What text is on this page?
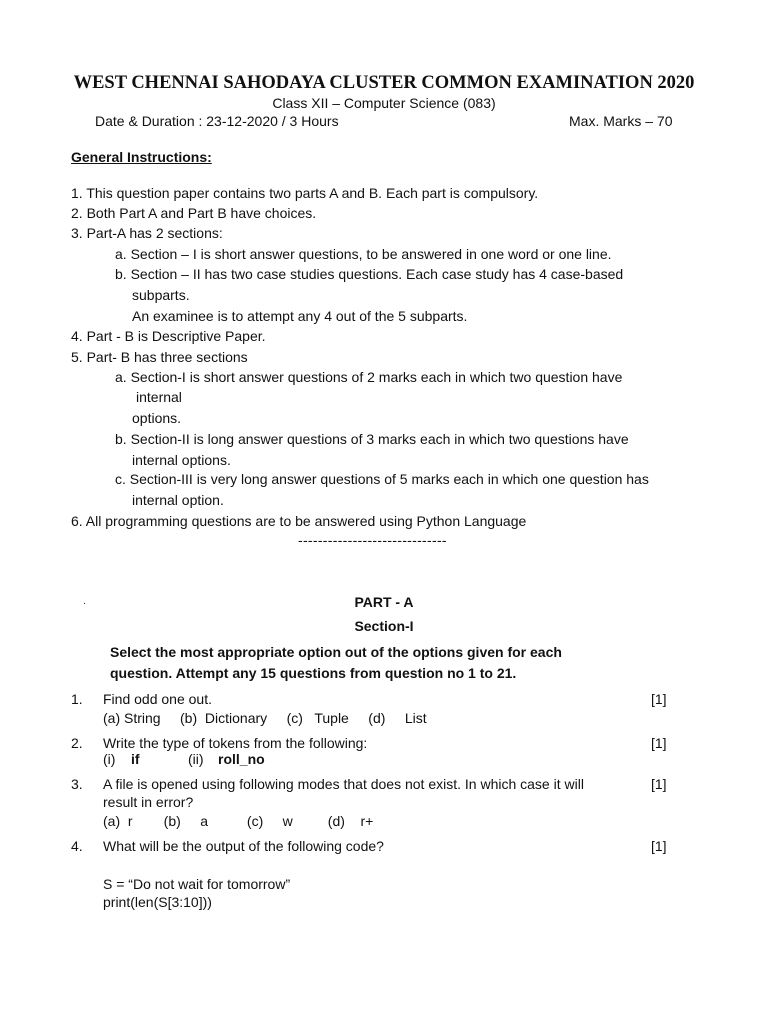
WEST CHENNAI SAHODAYA CLUSTER COMMON EXAMINATION 2020
Class XII – Computer Science (083)
Date & Duration : 23-12-2020 / 3 Hours	Max. Marks – 70
General Instructions:
1. This question paper contains two parts A and B. Each part is compulsory.
2. Both Part A and Part B have choices.
3. Part-A has 2 sections:
a. Section – I is short answer questions, to be answered in one word or one line.
b. Section – II has two case studies questions. Each case study has 4 case-based
subparts.
An examinee is to attempt any 4 out of the 5 subparts.
4. Part - B is Descriptive Paper.
5. Part- B has three sections
a. Section-I is short answer questions of 2 marks each in which two question have
internal
options.
b. Section-II is long answer questions of 3 marks each in which two questions have
internal options.
c. Section-III is very long answer questions of 5 marks each in which one question has
internal option.
6. All programming questions are to be answered using Python Language
------------------------------
.	PART - A
Section-I
Select the most appropriate option out of the options given for each
question. Attempt any 15 questions from question no 1 to 21.
1. Find odd one out.	[1]
(a) String     (b)  Dictionary     (c)   Tuple     (d)     List
2. Write the type of tokens from the following:	[1]
(i) if	(ii) roll_no
3. A file is opened using following modes that does not exist. In which case it will	[1]
result in error?
(a)  r        (b)     a          (c)     w         (d)    r+
4. What will be the output of the following code?	[1]
S = “Do not wait for tomorrow”
print(len(S[3:10]))
